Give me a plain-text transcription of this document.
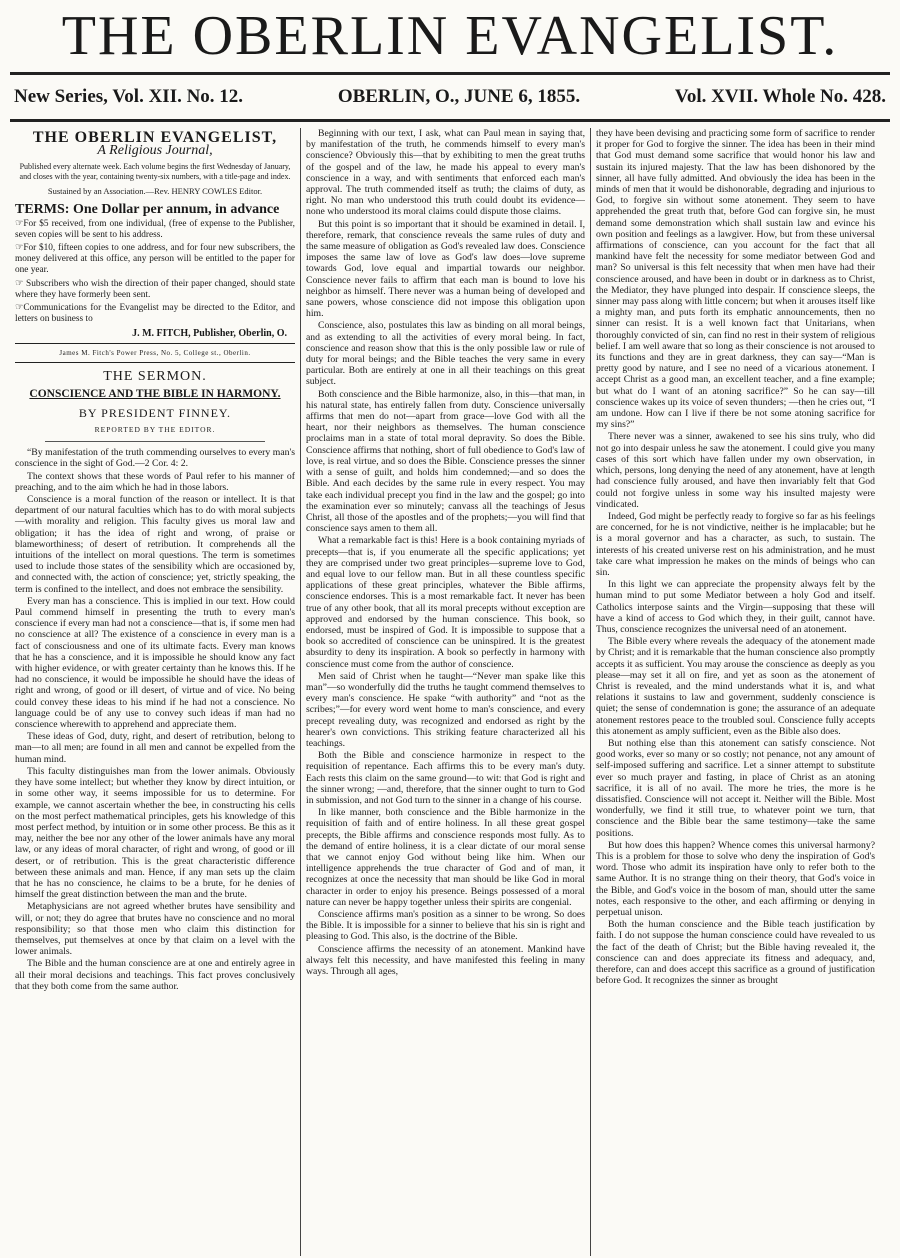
THE OBERLIN EVANGELIST.
New Series, Vol. XII. No. 12.	OBERLIN, O., JUNE 6, 1855.	Vol. XVII. Whole No. 428.
THE OBERLIN EVANGELIST,
A Religious Journal,
Published every alternate week. Each volume begins the first Wednesday of January, and closes with the year, containing twenty-six numbers, with a title-page and index.
Sustained by an Association.—Rev. HENRY COWLES Editor.
TERMS: One Dollar per annum, in advance
☞For $5 received, from one individual, (free of expense to the Publisher, seven copies will be sent to his address.
☞For $10, fifteen copies to one address, and for four new subscribers, the money delivered at this office, any person will be entitled to the paper for one year.
☞ Subscribers who wish the direction of their paper changed, should state where they have formerly been sent.
☞Communications for the Evangelist may be directed to the Editor, and letters on business to
J. M. FITCH, Publisher, Oberlin, O.
James M. Fitch's Power Press, No. 5, College st., Oberlin.
THE SERMON.
CONSCIENCE AND THE BIBLE IN HARMONY.
BY PRESIDENT FINNEY.
REPORTED BY THE EDITOR.

“By manifestation of the truth commending ourselves to every man's conscience in the sight of God.—2 Cor. 4: 2.

The context shows that these words of Paul refer to his manner of preaching, and to the aim which he had in those labors.

Conscience is a moral function of the reason or intellect. It is that department of our natural faculties which has to do with moral subjects—with morality and religion. This faculty gives us moral law and obligation; it has the idea of right and wrong, of praise or blameworthiness; of desert of retribution. It comprehends all the intuitions of the intellect on moral questions. The term is sometimes used to include those states of the sensibility which are occasioned by, and connected with, the action of conscience; yet, strictly speaking, the term is confined to the intellect, and does not embrace the sensibility.

Every man has a conscience. This is implied in our text. How could Paul commend himself in presenting the truth to every man's conscience if every man had not a conscience—that is, if some men had no conscience at all? The existence of a conscience in every man is a fact of consciousness and one of its ultimate facts. Every man knows that he has a conscience, and it is impossible he should know any fact with higher evidence, or with greater certainty than he knows this. If he had no conscience, it would be impossible he should have the ideas of right and wrong, of good or ill desert, of virtue and of vice. No being could convey these ideas to his mind if he had not a conscience. No language could be of any use to convey such ideas if man had no conscience wherewith to apprehend and appreciate them.

These ideas of God, duty, right, and desert of retribution, belong to man—to all men; are found in all men and cannot be expelled from the human mind.

This faculty distinguishes man from the lower animals. Obviously they have some intellect; but whether they know by direct intuition, or in some other way, it seems impossible for us to determine. For example, we cannot ascertain whether the bee, in constructing his cells on the most perfect mathematical principles, gets his knowledge of this most perfect method, by intuition or in some other process. Be this as it may, neither the bee nor any other of the lower animals have any moral law, or any ideas of moral character, of right and wrong, of good or ill desert, or of retribution. This is the great characteristic difference between these animals and man. Hence, if any man sets up the claim that he has no conscience, he claims to be a brute, for he denies of himself the great distinction between the man and the brute.

Metaphysicians are not agreed whether brutes have sensibility and will, or not; they do agree that brutes have no conscience and no moral responsibility; so that those men who claim this distinction for themselves, put themselves at once by that claim on a level with the lower animals.

The Bible and the human conscience are at one and entirely agree in all their moral decisions and teachings. This fact proves conclusively that they both come from the same author.

Beginning with our text, I ask, what can Paul mean in saying that, by manifestation of the truth, he commends himself to every man's conscience? Obviously this—that by exhibiting to men the great truths of the gospel and of the law, he made his appeal to every man's conscience in a way, and with sentiments that enforced each man's approval. The truth commended itself as truth; the claims of duty, as right. No man who understood this truth could doubt its evidence—none who understood its moral claims could dispute those claims.

But this point is so important that it should be examined in detail. I, therefore, remark, that conscience reveals the same rules of duty and the same measure of obligation as God's revealed law does. Conscience imposes the same law of love as God's law does—love supreme towards God, love equal and impartial towards our neighbor. Conscience never fails to affirm that each man is bound to love his neighbor as himself. There never was a human being of developed and sane powers, whose conscience did not impose this obligation upon him.

Conscience, also, postulates this law as binding on all moral beings, and as extending to all the activities of every moral being. In fact, conscience and reason show that this is the only possible law or rule of duty for moral beings; and the Bible teaches the very same in every particular. Both are entirely at one in all their teachings on this great subject.

Both conscience and the Bible harmonize, also, in this—that man, in his natural state, has entirely fallen from duty. Conscience universally affirms that men do not—apart from grace—love God with all the heart, nor their neighbors as themselves. The human conscience proclaims man in a state of total moral depravity. So does the Bible. Conscience affirms that nothing, short of full obedience to God's law of love, is real virtue, and so does the Bible. Conscience presses the sinner with a sense of guilt, and holds him condemned;—and so does the Bible. And each decides by the same rule in every respect. You may take each individual precept you find in the law and the gospel; go into the examination ever so minutely; canvass all the teachings of Jesus Christ, all those of the apostles and of the prophets;—you will find that conscience says amen to them all.

What a remarkable fact is this! Here is a book containing myriads of precepts—that is, if you enumerate all the specific applications; yet they are comprised under two great principles—supreme love to God, and equal love to our fellow man. But in all these countless specific applications of these great principles, whatever the Bible affirms, conscience endorses. This is a most remarkable fact. It never has been true of any other book, that all its moral precepts without exception are approved and endorsed by the human conscience. This book, so endorsed, must be inspired of God. It is impossible to suppose that a book so accredited of conscience can be uninspired. It is the greatest absurdity to deny its inspiration. A book so perfectly in harmony with conscience must come from the author of conscience.

Men said of Christ when he taught—“Never man spake like this man”—so wonderfully did the truths he taught commend themselves to every man's conscience. He spake “with authority” and “not as the scribes;”—for every word went home to man's conscience, and every precept revealing duty, was recognized and endorsed as right by the hearer's own convictions. This striking feature characterized all his teachings.

Both the Bible and conscience harmonize in respect to the requisition of repentance. Each affirms this to be every man's duty. Each rests this claim on the same ground—to wit: that God is right and the sinner wrong; —and, therefore, that the sinner ought to turn to God in submission, and not God turn to the sinner in a change of his course.

In like manner, both conscience and the Bible harmonize in the requisition of faith and of entire holiness. In all these great gospel precepts, the Bible affirms and conscience responds most fully. As to the demand of entire holiness, it is a clear dictate of our moral sense that we cannot enjoy God without being like him. When our intelligence apprehends the true character of God and of man, it recognizes at once the necessity that man should be like God in moral character in order to enjoy his presence. Beings possessed of a moral nature can never be happy together unless their spirits are congenial.

Conscience affirms man's position as a sinner to be wrong. So does the Bible. It is impossible for a sinner to believe that his sin is right and pleasing to God. This also, is the doctrine of the Bible.

Conscience affirms the necessity of an atonement. Mankind have always felt this necessity, and have manifested this feeling in many ways. Through all ages,

they have been devising and practicing some form of sacrifice to render it proper for God to forgive the sinner. The idea has been in their mind that God must demand some sacrifice that would honor his law and sustain its injured majesty. That the law has been dishonored by the sinner, all have fully admitted. And obviously the idea has been in the minds of men that it would be dishonorable, degrading and injurious to God, to forgive sin without some atonement. They seem to have apprehended the great truth that, before God can forgive sin, he must demand some demonstration which shall sustain law and evince his own position and feelings as a lawgiver. How, but from these universal affirmations of conscience, can you account for the fact that all mankind have felt the necessity for some mediator between God and man? So universal is this felt necessity that when men have had their conscience aroused, and have been in doubt or in darkness as to Christ, the Mediator, they have plunged into despair. If conscience sleeps, the sinner may pass along with little concern; but when it arouses itself like a mighty man, and puts forth its emphatic announcements, then no sinner can resist. It is a well known fact that Unitarians, when thoroughly convicted of sin, can find no rest in their system of religious belief. I am well aware that so long as their conscience is not aroused to its functions and they are in great darkness, they can say—“Man is pretty good by nature, and I see no need of a vicarious atonement. I accept Christ as a good man, an excellent teacher, and a fine example; but what do I want of an atoning sacrifice?” So he can say—till conscience wakes up its voice of seven thunders; —then he cries out, “I am undone. How can I live if there be not some atoning sacrifice for my sins?”

There never was a sinner, awakened to see his sins truly, who did not go into despair unless he saw the atonement. I could give you many cases of this sort which have fallen under my own observation, in which, persons, long denying the need of any atonement, have at length had conscience fully aroused, and have then invariably felt that God could not forgive unless in some way his insulted majesty were vindicated.

Indeed, God might be perfectly ready to forgive so far as his feelings are concerned, for he is not vindictive, neither is he implacable; but he is a moral governor and has a character, as such, to sustain. The interests of his created universe rest on his administration, and he must take care what impression he makes on the minds of beings who can sin.

In this light we can appreciate the propensity always felt by the human mind to put some Mediator between a holy God and itself. Catholics interpose saints and the Virgin—supposing that these will have a kind of access to God which they, in their guilt, cannot have. Thus, conscience recognizes the universal need of an atonement.

The Bible every where reveals the adequacy of the atonement made by Christ; and it is remarkable that the human conscience also promptly accepts it as sufficient. You may arouse the conscience as deeply as you please—may set it all on fire, and yet as soon as the atonement of Christ is revealed, and the mind understands what it is, and what relations it sustains to law and government, suddenly conscience is quiet; the sense of condemnation is gone; the assurance of an adequate atonement restores peace to the troubled soul. Conscience fully accepts this atonement as amply sufficient, even as the Bible also does.

But nothing else than this atonement can satisfy conscience. Not good works, ever so many or so costly; not penance, not any amount of self-imposed suffering and sacrifice. Let a sinner attempt to substitute ever so much prayer and fasting, in place of Christ as an atoning sacrifice, it is all of no avail. The more he tries, the more is he dissatisfied. Conscience will not accept it. Neither will the Bible. Most wonderfully, we find it still true, to whatever point we turn, that conscience and the Bible bear the same testimony—take the same positions.

But how does this happen? Whence comes this universal harmony? This is a problem for those to solve who deny the inspiration of God's word. Those who admit its inspiration have only to refer both to the same Author. It is no strange thing on their theory, that God's voice in the Bible, and God's voice in the bosom of man, should utter the same notes, each responsive to the other, and each affirming or denying in perpetual unison.

Both the human conscience and the Bible teach justification by faith. I do not suppose the human conscience could have revealed to us the fact of the death of Christ; but the Bible having revealed it, the conscience can and does appreciate its fitness and adequacy, and, therefore, can and does accept this sacrifice as a ground of justification before God. It recognizes the sinner as brought
